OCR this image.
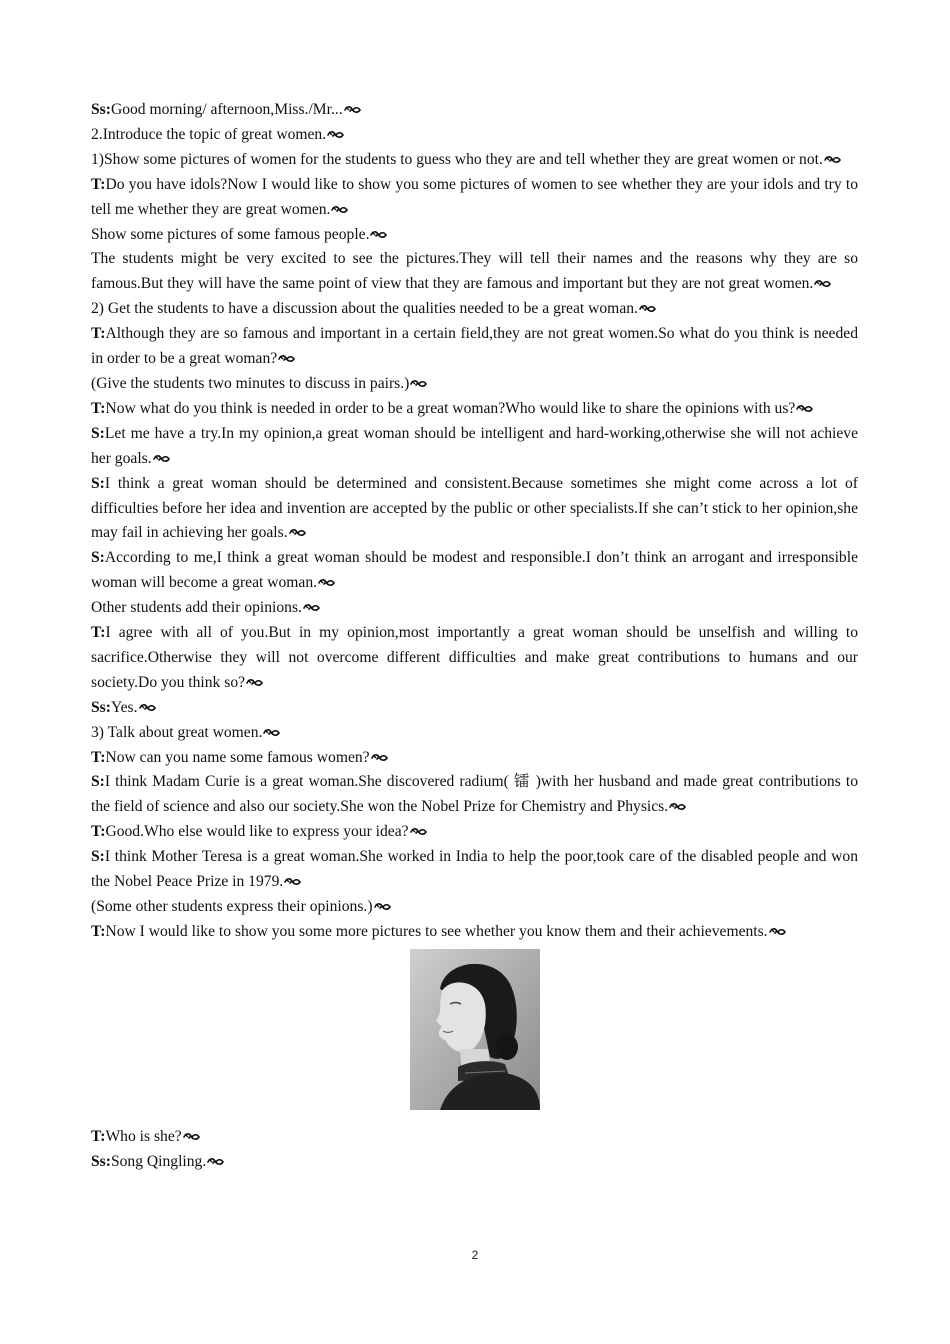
Ss:Good morning/ afternoon,Miss./Mr...

2.Introduce the topic of great women.

1)Show some pictures of women for the students to guess who they are and tell whether they are great women or not.

T:Do you have idols?Now I would like to show you some pictures of women to see whether they are your idols and try to tell me whether they are great women.

Show some pictures of some famous people.

The students might be very excited to see the pictures.They will tell their names and the reasons why they are so famous.But they will have the same point of view that they are famous and important but they are not great women.

2) Get the students to have a discussion about the qualities needed to be a great woman.

T:Although they are so famous and important in a certain field,they are not great women.So what do you think is needed in order to be a great woman?

(Give the students two minutes to discuss in pairs.)

T:Now what do you think is needed in order to be a great woman?Who would like to share the opinions with us?

S:Let me have a try.In my opinion,a great woman should be intelligent and hard-working,otherwise she will not achieve her goals.

S:I think a great woman should be determined and consistent.Because sometimes she might come across a lot of difficulties before her idea and invention are accepted by the public or other specialists.If she can’t stick to her opinion,she may fail in achieving her goals.

S:According to me,I think a great woman should be modest and responsible.I don’t think an arrogant and irresponsible woman will become a great woman.

Other students add their opinions.

T:I agree with all of you.But in my opinion,most importantly a great woman should be unselfish and willing to sacrifice.Otherwise they will not overcome different difficulties and make great contributions to humans and our society.Do you think so?

Ss:Yes.

3) Talk about great women.

T:Now can you name some famous women?

S:I think Madam Curie is a great woman.She discovered radium( 镭 )with her husband and made great contributions to the field of science and also our society.She won the Nobel Prize for Chemistry and Physics.

T:Good.Who else would like to express your idea?

S:I think Mother Teresa is a great woman.She worked in India to help the poor,took care of the disabled people and won the Nobel Peace Prize in 1979.

(Some other students express their opinions.)

T:Now I would like to show you some more pictures to see whether you know them and their achievements.

T:Who is she?

Ss:Song Qingling.

2
